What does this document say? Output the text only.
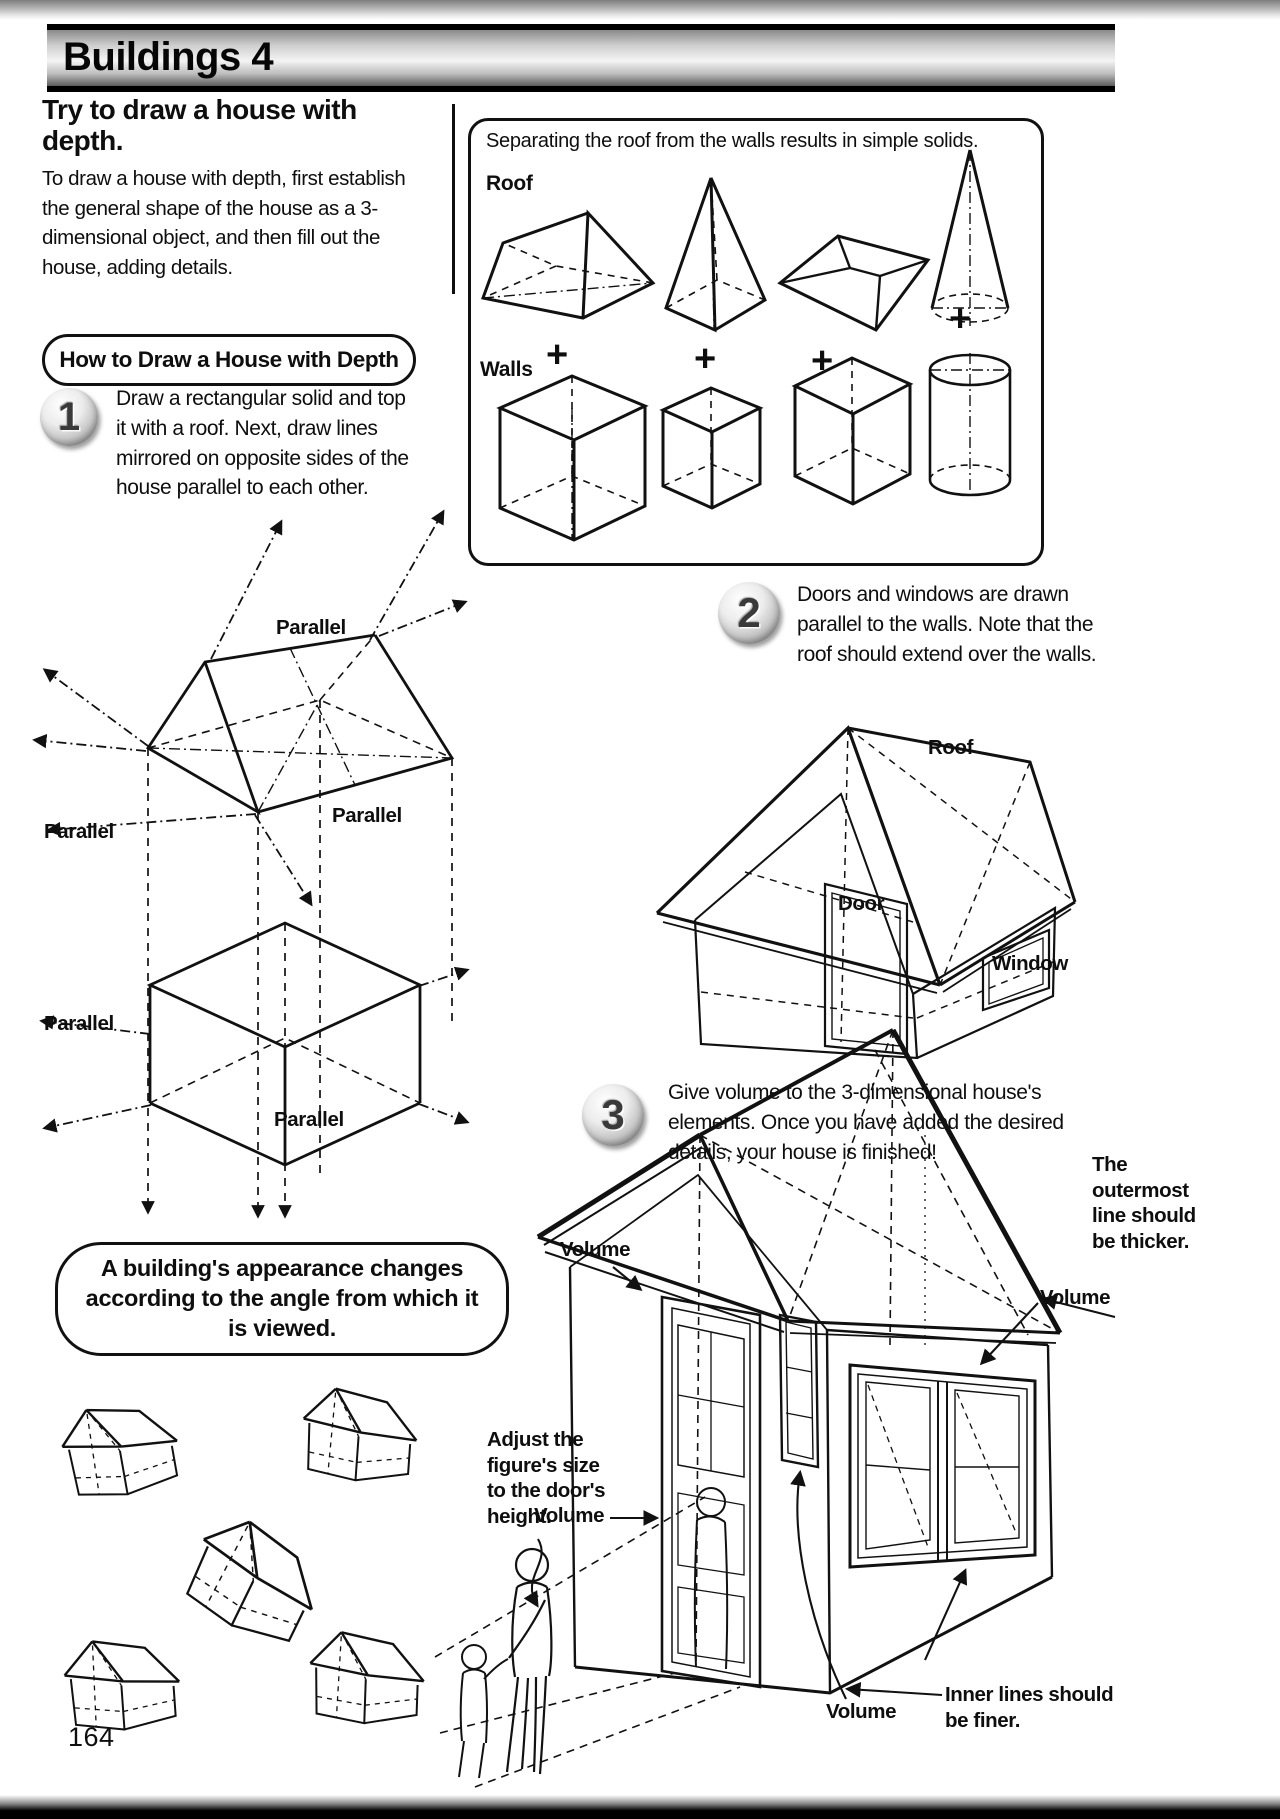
Buildings 4
Try to draw a house with depth.
To draw a house with depth, first establish the general shape of the house as a 3-dimensional object, and then fill out the house, adding details.
Separating the roof from the walls results in simple solids.
Roof
Walls +	+ +
+
How to Draw a House with Depth
1 Draw a rectangular solid and top it with a roof. Next, draw lines mirrored on opposite sides of the house parallel to each other.
Parallel
Parallel
Parallel
Parallel
Parallel
2 Doors and windows are drawn parallel to the walls. Note that the roof should extend over the walls.
Roof
Door
Window
3 Give volume to the 3-dimensional house's elements. Once you have added the desired details, your house is finished!
Volume
The outermost line should be thicker.
Volume
Adjust the figure's size to the door's height.
Volume
Volume
Inner lines should be finer.
A building's appearance changes according to the angle from which it is viewed.
164
